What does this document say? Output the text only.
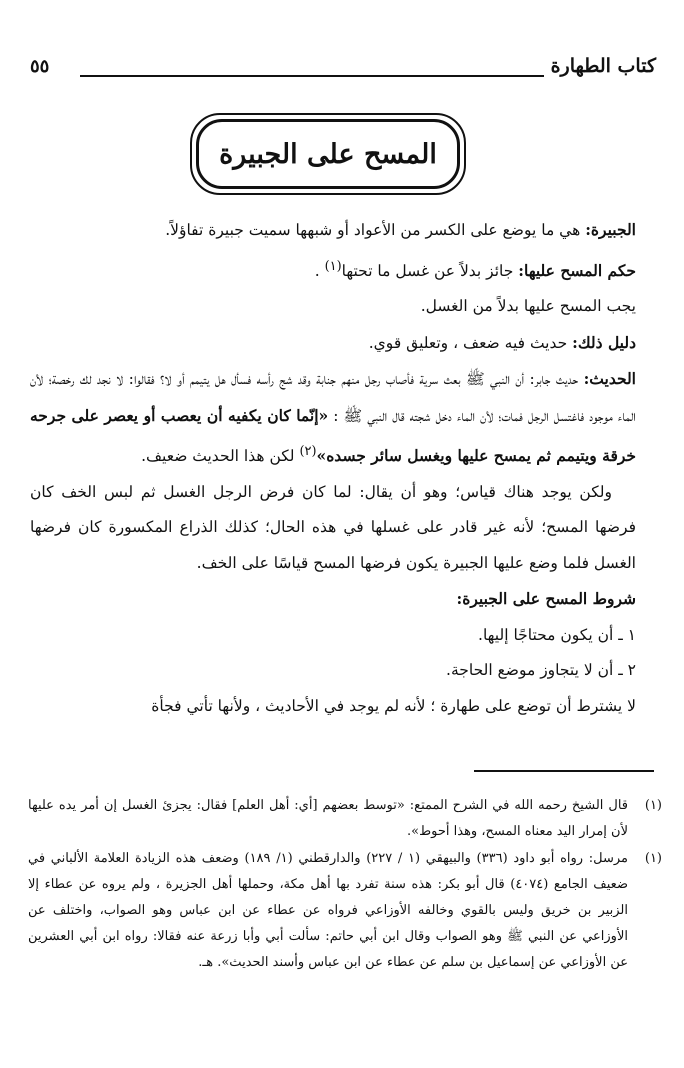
كتاب الطهارة
٥٥
المسح على الجبيرة

الجبيرة: هي ما يوضع على الكسر من الأعواد أو شبهها سميت جبيرة تفاؤلاً.

حكم المسح عليها: جائز بدلاً عن غسل ما تحتها$^{(١)}$ .

يجب المسح عليها بدلاً من الغسل.

دليل ذلك: حديث فيه ضعف ، وتعليق قوي.

الحديث: حديث جابر: أن النبي ﷺ بعث سرية فأصاب رجل منهم جنابة وقد شج رأسه فسأل هل يتيمم أو لا؟ فقالوا: لا نجد لك رخصة؛ لأن الماء موجود فاغتسل الرجل فمات؛ لأن الماء دخل شجته قال النبي ﷺ : «إنّما كان يكفيه أن يعصب أو يعصر على جرحه خرقة ويتيمم ثم يمسح عليها ويغسل سائر جسده»$^{(٢)}$ لكن هذا الحديث ضعيف.

ولكن يوجد هناك قياس؛ وهو أن يقال: لما كان فرض الرجل الغسل ثم لبس الخف كان فرضها المسح؛ لأنه غير قادر على غسلها في هذه الحال؛ كذلك الذراع المكسورة كان فرضها الغسل فلما وضع عليها الجبيرة يكون فرضها المسح قياسًا على الخف.

شروط المسح على الجبيرة:

١ ـ أن يكون محتاجًا إليها.

٢ ـ أن لا يتجاوز موضع الحاجة.

لا يشترط أن توضع على طهارة ؛ لأنه لم يوجد في الأحاديث ، ولأنها تأتي فجأة

(١)
قال الشيخ رحمه الله في الشرح الممتع: «توسط بعضهم [أي: أهل العلم] فقال: يجزئ الغسل إن أمر يده عليها لأن إمرار اليد معناه المسح، وهذا أحوط».
(١)
مرسل: رواه أبو داود (٣٣٦) والبيهقي (١ / ٢٢٧) والدارقطني (١/ ١٨٩) وضعف هذه الزيادة العلامة الألباني في ضعيف الجامع (٤٠٧٤) قال أبو بكر: هذه سنة تفرد بها أهل مكة، وحملها أهل الجزيرة ، ولم يروه عن عطاء إلا الزبير بن خريق وليس بالقوي وخالفه الأوزاعي فرواه عن عطاء عن ابن عباس وهو الصواب، واختلف عن الأوزاعي عن النبي ﷺ وهو الصواب وقال ابن أبي حاتم: سألت أبي وأبا زرعة عنه فقالا: رواه ابن أبي العشرين عن الأوزاعي عن إسماعيل بن سلم عن عطاء عن ابن عباس وأسند الحديث». هـ.
